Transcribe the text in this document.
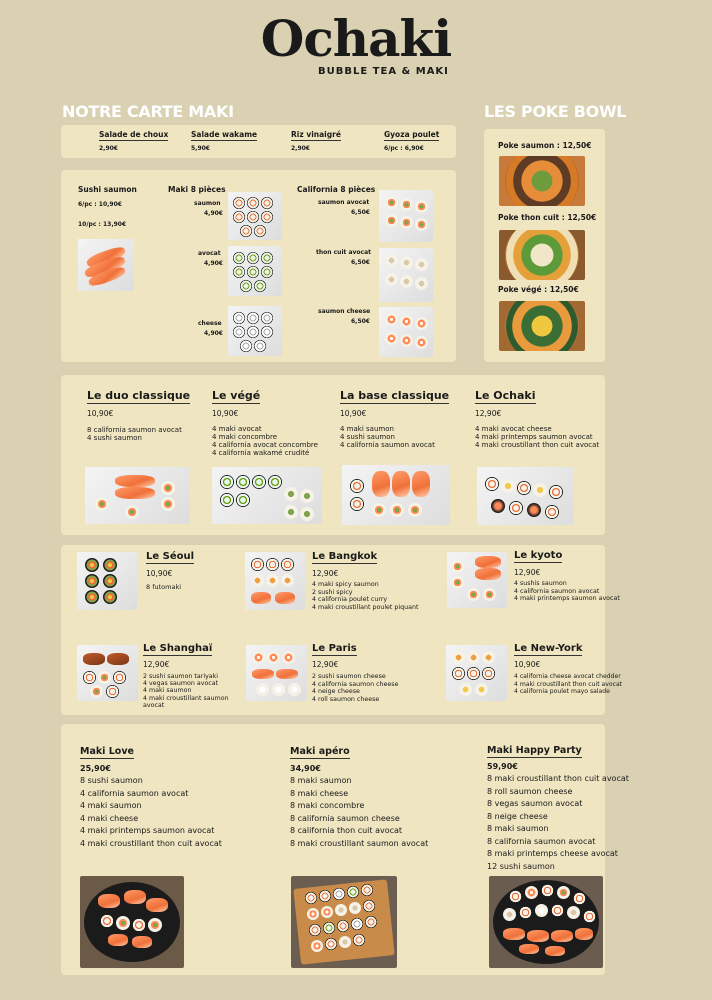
Ochaki
BUBBLE TEA & MAKI
NOTRE CARTE MAKI	LES POKE BOWL
Salade de choux
2,90€
Salade wakame
5,90€
Riz vinaigré
2,90€
Gyoza poulet
6/pc : 6,90€
Sushi saumon
6/pc : 10,90€
10/pc : 13,90€
Maki 8 pièces
saumon
4,90€
avocat
4,90€
cheese
4,90€
California 8 pièces
saumon avocat
6,50€
thon cuit avocat
6,50€
saumon cheese
6,50€
Poke saumon : 12,50€
Poke thon cuit : 12,50€
Poke végé : 12,50€
Le duo classique
10,90€
8 california saumon avocat
4 sushi saumon
Le végé
10,90€
4 maki avocat
4 maki concombre
4 california avocat concombre
4 california wakamé crudité
La base classique
10,90€
4 maki saumon
4 sushi saumon
4 california saumon avocat
Le Ochaki
12,90€
4 maki avocat cheese
4 maki printemps saumon avocat
4 maki croustillant thon cuit avocat
Le Séoul
10,90€
8 futomaki
Le Bangkok
12,90€
4 maki spicy saumon
2 sushi spicy
4 california poulet curry
4 maki croustillant poulet piquant
Le kyoto
12,90€
4 sushis saumon
4 california saumon avocat
4 maki printemps saumon avocat
Le Shanghaï
12,90€
2 sushi saumon tariyaki
4 vegas saumon avocat
4 maki saumon
4 maki croustillant saumon
avocat
Le Paris
12,90€
2 sushi saumon cheese
4 california saumon cheese
4 neige cheese
4 roll saumon cheese
Le New-York
10,90€
4 california cheese avocat chedder
4 maki croustillant thon cuit avocat
4 california poulet mayo salade
Maki Love
25,90€
8 sushi saumon
4 california saumon avocat
4 maki saumon
4 maki cheese
4 maki printemps saumon avocat
4 maki croustillant thon cuit avocat
Maki apéro
34,90€
8 maki saumon
8 maki cheese
8 maki concombre
8 california saumon cheese
8 california thon cuit avocat
8 maki croustillant saumon avocat
Maki Happy Party
59,90€
8 maki croustillant thon cuit avocat
8 roll saumon cheese
8 vegas saumon avocat
8 neige cheese
8 maki saumon
8 california saumon avocat
8 maki printemps cheese avocat
12 sushi saumon
